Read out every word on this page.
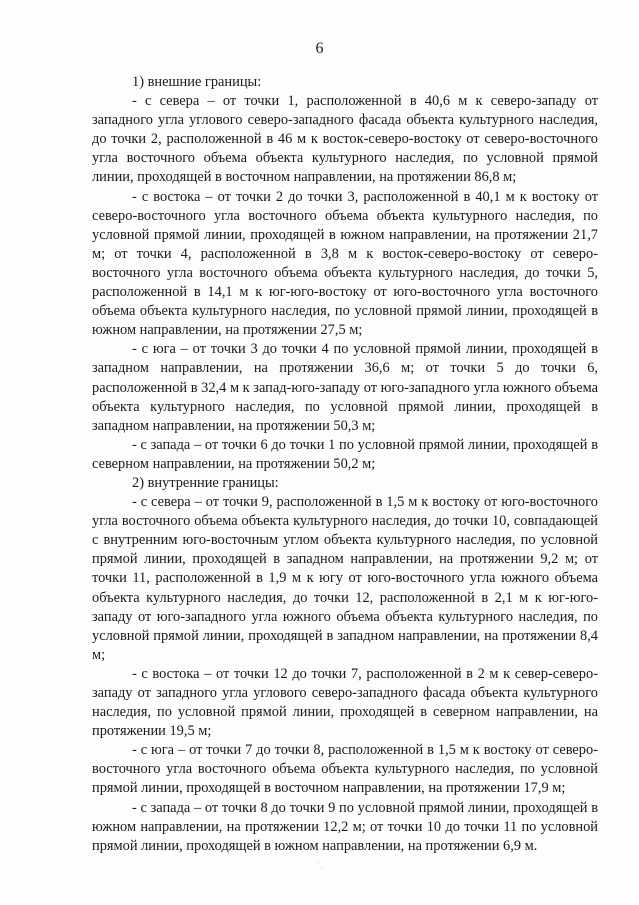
6

1) внешние границы:

- с севера – от точки 1, расположенной в 40,6 м к северо-западу от западного угла углового северо-западного фасада объекта культурного наследия, до точки 2, расположенной в 46 м к восток-северо-востоку от северо-восточного угла восточного объема объекта культурного наследия, по условной прямой линии, проходящей в восточном направлении, на протяжении 86,8 м;

- с востока – от точки 2 до точки 3, расположенной в 40,1 м к востоку от северо-восточного угла восточного объема объекта культурного наследия, по условной прямой линии, проходящей в южном направлении, на протяжении 21,7 м; от точки 4, расположенной в 3,8 м к восток-северо-востоку от северо-восточного угла восточного объема объекта культурного наследия, до точки 5, расположенной в 14,1 м к юг-юго-востоку от юго-восточного угла восточного объема объекта культурного наследия, по условной прямой линии, проходящей в южном направлении, на протяжении 27,5 м;

- с юга – от точки 3 до точки 4 по условной прямой линии, проходящей в западном направлении, на протяжении 36,6 м; от точки 5 до точки 6, расположенной в 32,4 м к запад-юго-западу от юго-западного угла южного объема объекта культурного наследия, по условной прямой линии, проходящей в западном направлении, на протяжении 50,3 м;

- с запада – от точки 6 до точки 1 по условной прямой линии, проходящей в северном направлении, на протяжении 50,2 м;

2) внутренние границы:

- с севера – от точки 9, расположенной в 1,5 м к востоку от юго-восточного угла восточного объема объекта культурного наследия, до точки 10, совпадающей с внутренним юго-восточным углом объекта культурного наследия, по условной прямой линии, проходящей в западном направлении, на протяжении 9,2 м; от точки 11, расположенной в 1,9 м к югу от юго-восточного угла южного объема объекта культурного наследия, до точки 12, расположенной в 2,1 м к юг-юго-западу от юго-западного угла южного объема объекта культурного наследия, по условной прямой линии, проходящей в западном направлении, на протяжении 8,4 м;

- с востока – от точки 12 до точки 7, расположенной в 2 м к север-северо-западу от западного угла углового северо-западного фасада объекта культурного наследия, по условной прямой линии, проходящей в северном направлении, на протяжении 19,5 м;

- с юга – от точки 7 до точки 8, расположенной в 1,5 м к востоку от северо-восточного угла восточного объема объекта культурного наследия, по условной прямой линии, проходящей в восточном направлении, на протяжении 17,9 м;

- с запада – от точки 8 до точки 9 по условной прямой линии, проходящей в южном направлении, на протяжении 12,2 м; от точки 10 до точки 11 по условной прямой линии, проходящей в южном направлении, на протяжении 6,9 м.
